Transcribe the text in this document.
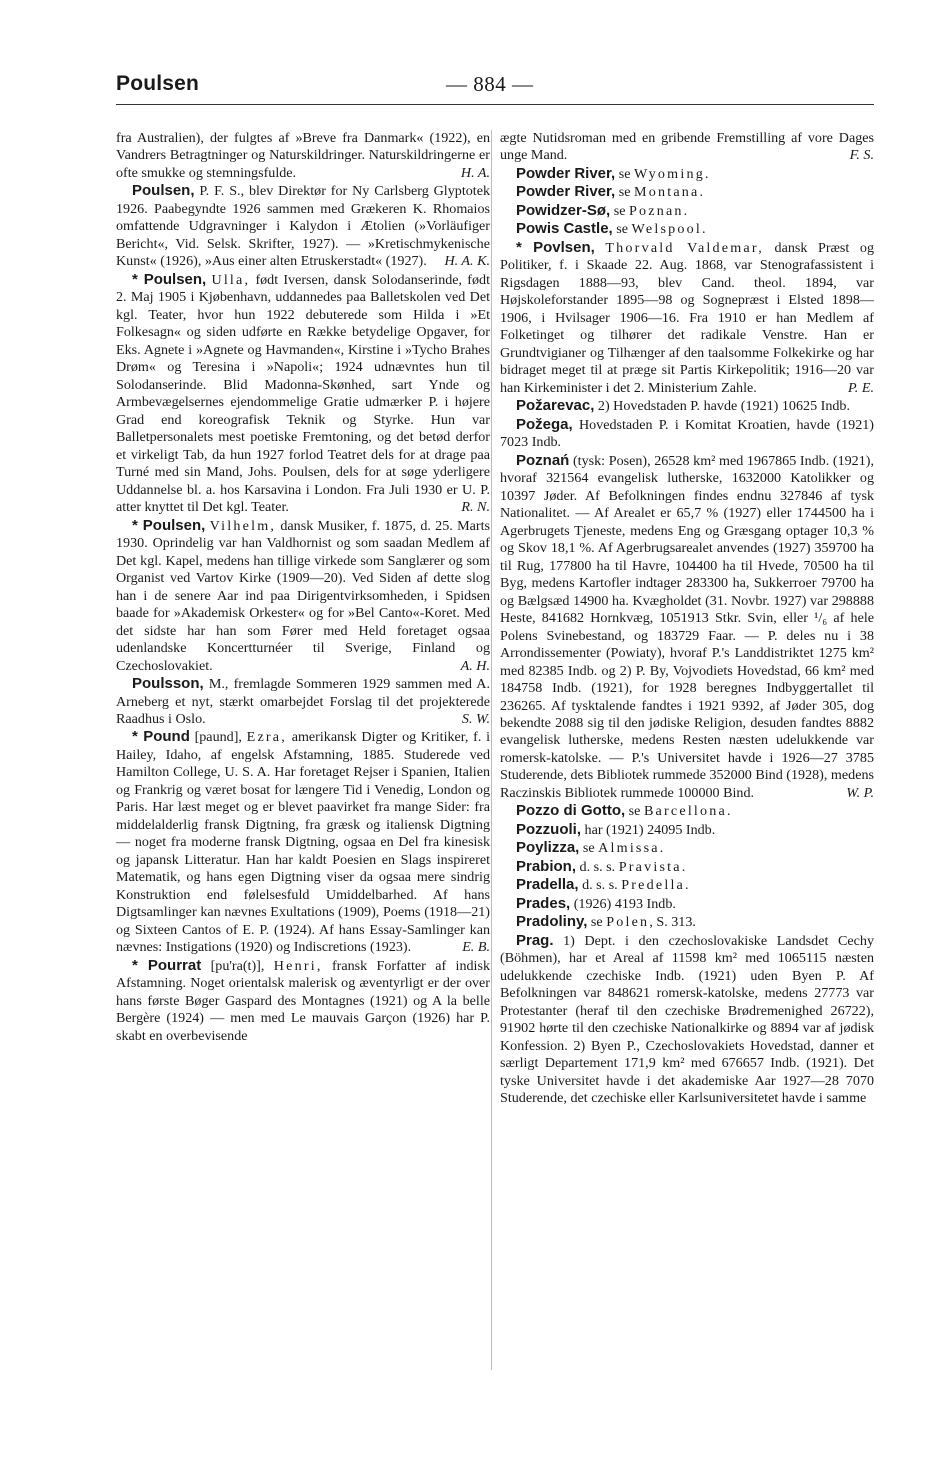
Poulsen	— 884 —

fra Australien), der fulgtes af »Breve fra Danmark« (1922), en Vandrers Betragtninger og Naturskildringer. Naturskildringerne er ofte smukke og stemningsfulde.	H. A.

Poulsen, P. F. S., blev Direktør for Ny Carlsberg Glyptotek 1926. Paabegyndte 1926 sammen med Grækeren K. Rhomaios omfattende Udgravninger i Kalydon i Ætolien (»Vorläufiger Bericht«, Vid. Selsk. Skrifter, 1927). — »Kretischmykenische Kunst« (1926), »Aus einer alten Etruskerstadt« (1927).	H. A. K.

* Poulsen, Ulla, født Iversen, dansk Solodanserinde, født 2. Maj 1905 i Kjøbenhavn, uddannedes paa Balletskolen ved Det kgl. Teater, hvor hun 1922 debuterede som Hilda i »Et Folkesagn« og siden udførte en Række betydelige Opgaver, for Eks. Agnete i »Agnete og Havmanden«, Kirstine i »Tycho Brahes Drøm« og Teresina i »Napoli«; 1924 udnævntes hun til Solodanserinde. Blid Madonna-Skønhed, sart Ynde og Armbevægelsernes ejendommelige Gratie udmærker P. i højere Grad end koreografisk Teknik og Styrke. Hun var Balletpersonalets mest poetiske Fremtoning, og det betød derfor et virkeligt Tab, da hun 1927 forlod Teatret dels for at drage paa Turné med sin Mand, Johs. Poulsen, dels for at søge yderligere Uddannelse bl. a. hos Karsavina i London. Fra Juli 1930 er U. P. atter knyttet til Det kgl. Teater.	R. N.

* Poulsen, Vilhelm, dansk Musiker, f. 1875, d. 25. Marts 1930. Oprindelig var han Valdhornist og som saadan Medlem af Det kgl. Kapel, medens han tillige virkede som Sanglærer og som Organist ved Vartov Kirke (1909—20). Ved Siden af dette slog han i de senere Aar ind paa Dirigentvirksomheden, i Spidsen baade for »Akademisk Orkester« og for »Bel Canto«-Koret. Med det sidste har han som Fører med Held foretaget ogsaa udenlandske Koncertturnéer til Sverige, Finland og Czechoslovakiet.	A. H.

Poulsson, M., fremlagde Sommeren 1929 sammen med A. Arneberg et nyt, stærkt omarbejdet Forslag til det projekterede Raadhus i Oslo.	S. W.

* Pound [paund], Ezra, amerikansk Digter og Kritiker, f. i Hailey, Idaho, af engelsk Afstamning, 1885. Studerede ved Hamilton College, U. S. A. Har foretaget Rejser i Spanien, Italien og Frankrig og været bosat for længere Tid i Venedig, London og Paris. Har læst meget og er blevet paavirket fra mange Sider: fra middelalderlig fransk Digtning, fra græsk og italiensk Digtning — noget fra moderne fransk Digtning, ogsaa en Del fra kinesisk og japansk Litteratur. Han har kaldt Poesien en Slags inspireret Matematik, og hans egen Digtning viser da ogsaa mere sindrig Konstruktion end følelsesfuld Umiddelbarhed. Af hans Digtsamlinger kan nævnes Exultations (1909), Poems (1918—21) og Sixteen Cantos of E. P. (1924). Af hans Essay-Samlinger kan nævnes: Instigations (1920) og Indiscretions (1923).	E. B.

* Pourrat [pu'ra(t)], Henri, fransk Forfatter af indisk Afstamning. Noget orientalsk malerisk og æventyrligt er der over hans første Bøger Gaspard des Montagnes (1921) og A la belle Bergère (1924) — men med Le mauvais Garçon (1926) har P. skabt en overbevisende

ægte Nutidsroman med en gribende Fremstilling af vore Dages unge Mand.	F. S.

Powder River, se Wyoming.

Powder River, se Montana.

Powidzer-Sø, se Poznan.

Powis Castle, se Welspool.

* Povlsen, Thorvald Valdemar, dansk Præst og Politiker, f. i Skaade 22. Aug. 1868, var Stenografassistent i Rigsdagen 1888—93, blev Cand. theol. 1894, var Højskoleforstander 1895—98 og Sognepræst i Elsted 1898—1906, i Hvilsager 1906—16. Fra 1910 er han Medlem af Folketinget og tilhører det radikale Venstre. Han er Grundtvigianer og Tilhænger af den taalsomme Folkekirke og har bidraget meget til at præge sit Partis Kirkepolitik; 1916—20 var han Kirkeminister i det 2. Ministerium Zahle.	P. E.

Požarevac, 2) Hovedstaden P. havde (1921) 10625 Indb.

Požega, Hovedstaden P. i Komitat Kroatien, havde (1921) 7023 Indb.

Poznań (tysk: Posen), 26528 km² med 1967865 Indb. (1921), hvoraf 321564 evangelisk lutherske, 1632000 Katolikker og 10397 Jøder. Af Befolkningen findes endnu 327846 af tysk Nationalitet. — Af Arealet er 65,7 % (1927) eller 1744500 ha i Agerbrugets Tjeneste, medens Eng og Græsgang optager 10,3 % og Skov 18,1 %. Af Agerbrugsarealet anvendes (1927) 359700 ha til Rug, 177800 ha til Havre, 104400 ha til Hvede, 70500 ha til Byg, medens Kartofler indtager 283300 ha, Sukkerroer 79700 ha og Bælgsæd 14900 ha. Kvægholdet (31. Novbr. 1927) var 298888 Heste, 841682 Hornkvæg, 1051913 Stkr. Svin, eller ¹/₆ af hele Polens Svinebestand, og 183729 Faar. — P. deles nu i 38 Arrondissementer (Powiaty), hvoraf P.'s Landdistriktet 1275 km² med 82385 Indb. og 2) P. By, Vojvodiets Hovedstad, 66 km² med 184758 Indb. (1921), for 1928 beregnes Indbyggertallet til 236265. Af tysktalende fandtes i 1921 9392, af Jøder 305, dog bekendte 2088 sig til den jødiske Religion, desuden fandtes 8882 evangelisk lutherske, medens Resten næsten udelukkende var romersk-katolske. — P.'s Universitet havde i 1926—27 3785 Studerende, dets Bibliotek rummede 352000 Bind (1928), medens Raczinskis Bibliotek rummede 100000 Bind.	W. P.

Pozzo di Gotto, se Barcellona.

Pozzuoli, har (1921) 24095 Indb.

Poylizza, se Almissa.

Prabion, d. s. s. Pravista.

Pradella, d. s. s. Predella.

Prades, (1926) 4193 Indb.

Pradoliny, se Polen, S. 313.

Prag. 1) Dept. i den czechoslovakiske Landsdet Cechy (Böhmen), har et Areal af 11598 km² med 1065115 næsten udelukkende czechiske Indb. (1921) uden Byen P. Af Befolkningen var 848621 romersk-katolske, medens 27773 var Protestanter (heraf til den czechiske Brødremenighed 26722), 91902 hørte til den czechiske Nationalkirke og 8894 var af jødisk Konfession. 2) Byen P., Czechoslovakiets Hovedstad, danner et særligt Departement 171,9 km² med 676657 Indb. (1921). Det tyske Universitet havde i det akademiske Aar 1927—28 7070 Studerende, det czechiske eller Karlsuniversitetet havde i samme
